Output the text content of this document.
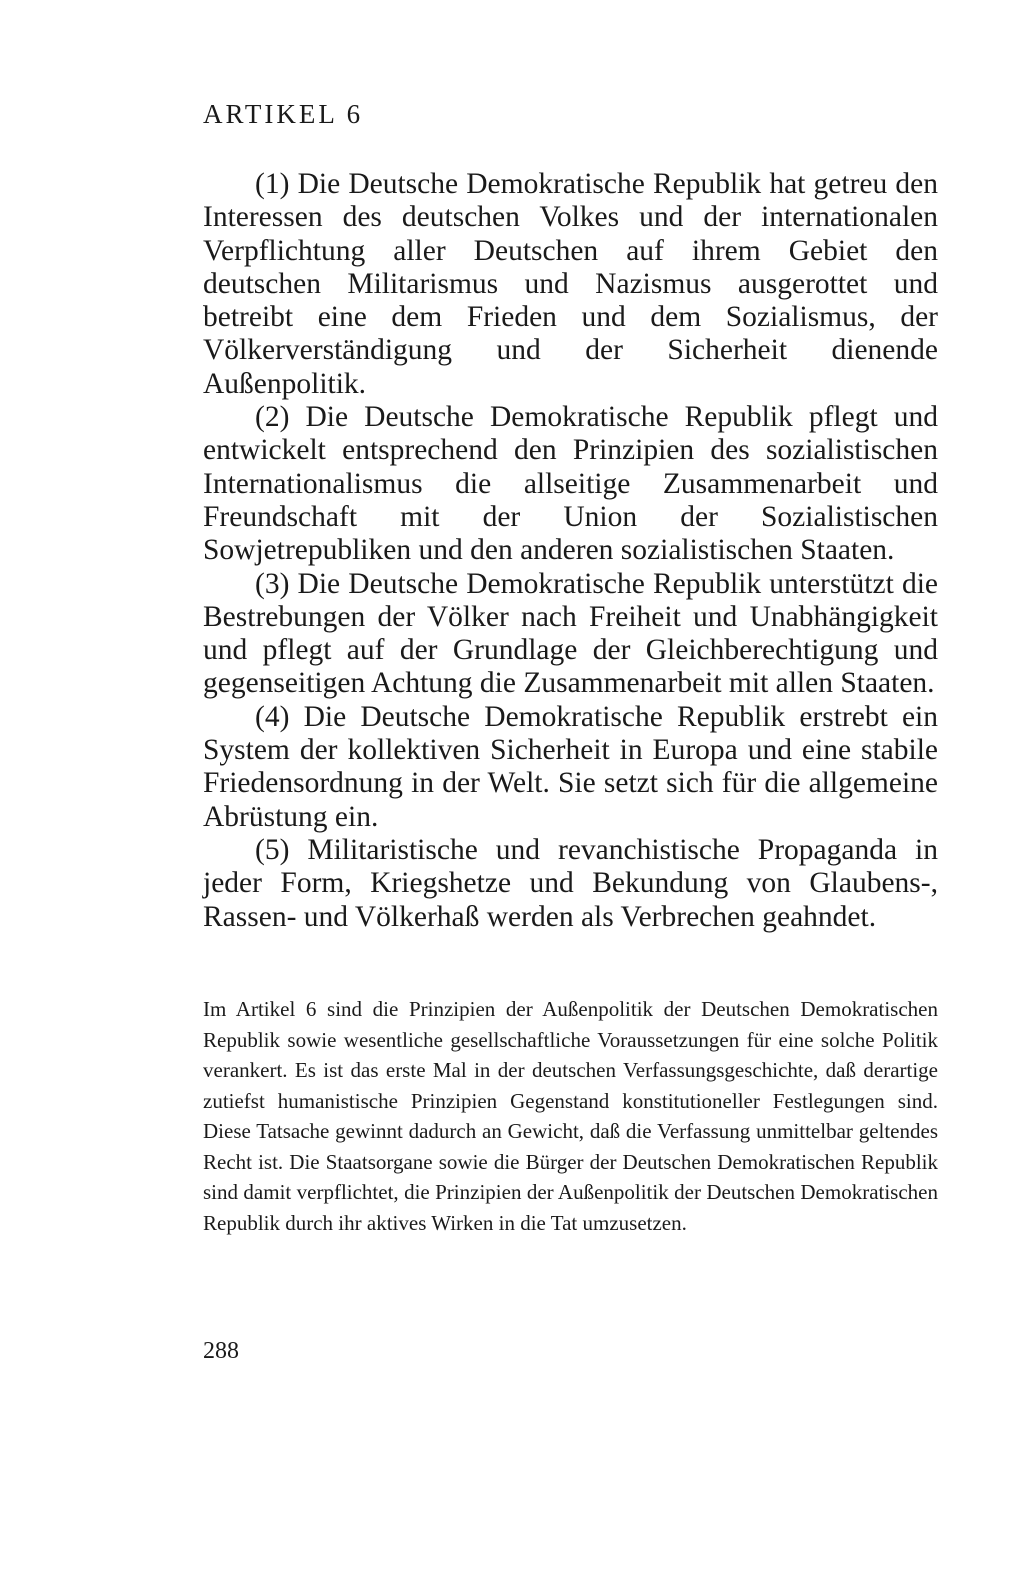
ARTIKEL 6

(1) Die Deutsche Demokratische Republik hat getreu den Interessen des deutschen Volkes und der internationalen Verpflichtung aller Deutschen auf ihrem Gebiet den deutschen Militarismus und Nazismus ausgerottet und betreibt eine dem Frieden und dem Sozialismus, der Völkerverständigung und der Sicherheit dienende Außenpolitik.

(2) Die Deutsche Demokratische Republik pflegt und entwickelt entsprechend den Prinzipien des sozialistischen Internationalismus die allseitige Zusammenarbeit und Freundschaft mit der Union der Sozialistischen Sowjetrepubliken und den anderen sozialistischen Staaten.

(3) Die Deutsche Demokratische Republik unterstützt die Bestrebungen der Völker nach Freiheit und Unabhängigkeit und pflegt auf der Grundlage der Gleichberechtigung und gegenseitigen Achtung die Zusammenarbeit mit allen Staaten.

(4) Die Deutsche Demokratische Republik erstrebt ein System der kollektiven Sicherheit in Europa und eine stabile Friedensordnung in der Welt. Sie setzt sich für die allgemeine Abrüstung ein.

(5) Militaristische und revanchistische Propaganda in jeder Form, Kriegshetze und Bekundung von Glaubens-, Rassen- und Völkerhaß werden als Verbrechen geahndet.

Im Artikel 6 sind die Prinzipien der Außenpolitik der Deutschen Demokratischen Republik sowie wesentliche gesellschaftliche Voraussetzungen für eine solche Politik verankert. Es ist das erste Mal in der deutschen Verfassungsgeschichte, daß derartige zutiefst humanistische Prinzipien Gegenstand konstitutioneller Festlegungen sind. Diese Tatsache gewinnt dadurch an Gewicht, daß die Verfassung unmittelbar geltendes Recht ist. Die Staatsorgane sowie die Bürger der Deutschen Demokratischen Republik sind damit verpflichtet, die Prinzipien der Außenpolitik der Deutschen Demokratischen Republik durch ihr aktives Wirken in die Tat umzusetzen.

288
